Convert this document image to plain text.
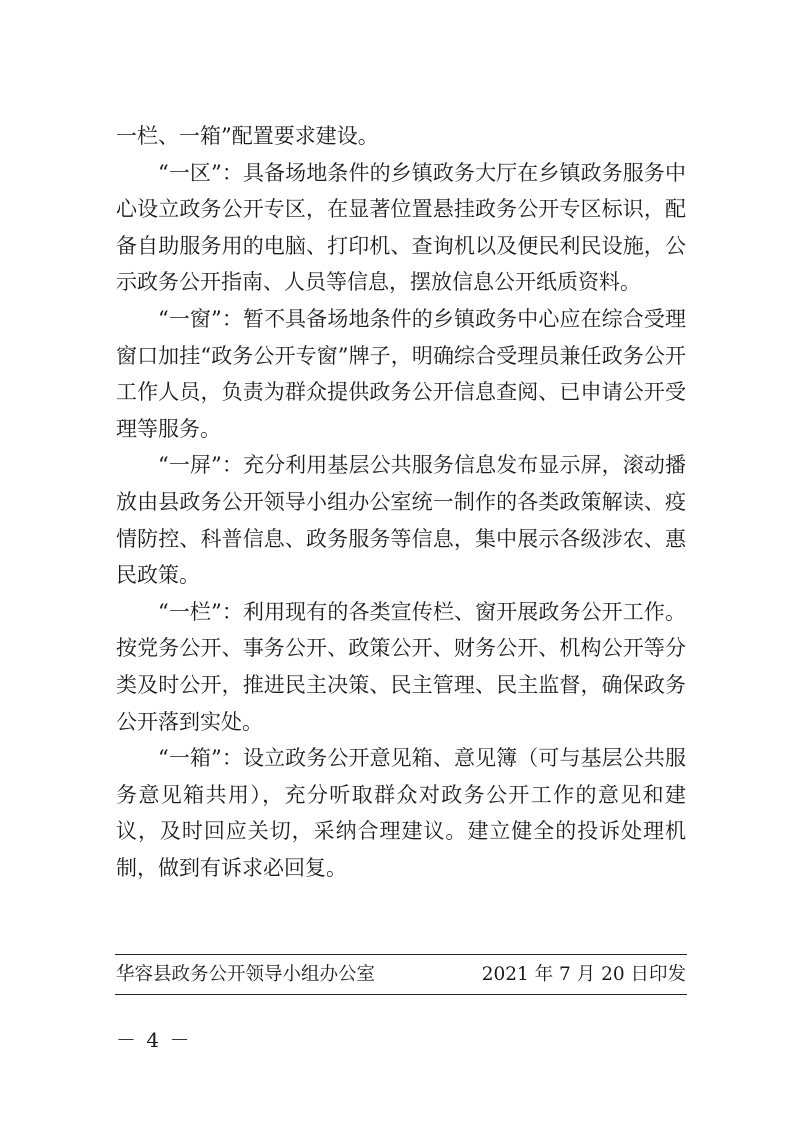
一栏、一箱”配置要求建设。

“一区”：具备场地条件的乡镇政务大厅在乡镇政务服务中心设立政务公开专区，在显著位置悬挂政务公开专区标识，配备自助服务用的电脑、打印机、查询机以及便民利民设施，公示政务公开指南、人员等信息，摆放信息公开纸质资料。

“一窗”：暂不具备场地条件的乡镇政务中心应在综合受理窗口加挂“政务公开专窗”牌子，明确综合受理员兼任政务公开工作人员，负责为群众提供政务公开信息查阅、已申请公开受理等服务。

“一屏”：充分利用基层公共服务信息发布显示屏，滚动播放由县政务公开领导小组办公室统一制作的各类政策解读、疫情防控、科普信息、政务服务等信息，集中展示各级涉农、惠民政策。

“一栏”：利用现有的各类宣传栏、窗开展政务公开工作。按党务公开、事务公开、政策公开、财务公开、机构公开等分类及时公开，推进民主决策、民主管理、民主监督，确保政务公开落到实处。

“一箱”：设立政务公开意见箱、意见簿（可与基层公共服务意见箱共用），充分听取群众对政务公开工作的意见和建议，及时回应关切，采纳合理建议。建立健全的投诉处理机制，做到有诉求必回复。

华容县政务公开领导小组办公室	2021 年 7 月 20 日印发
－ 4 －
